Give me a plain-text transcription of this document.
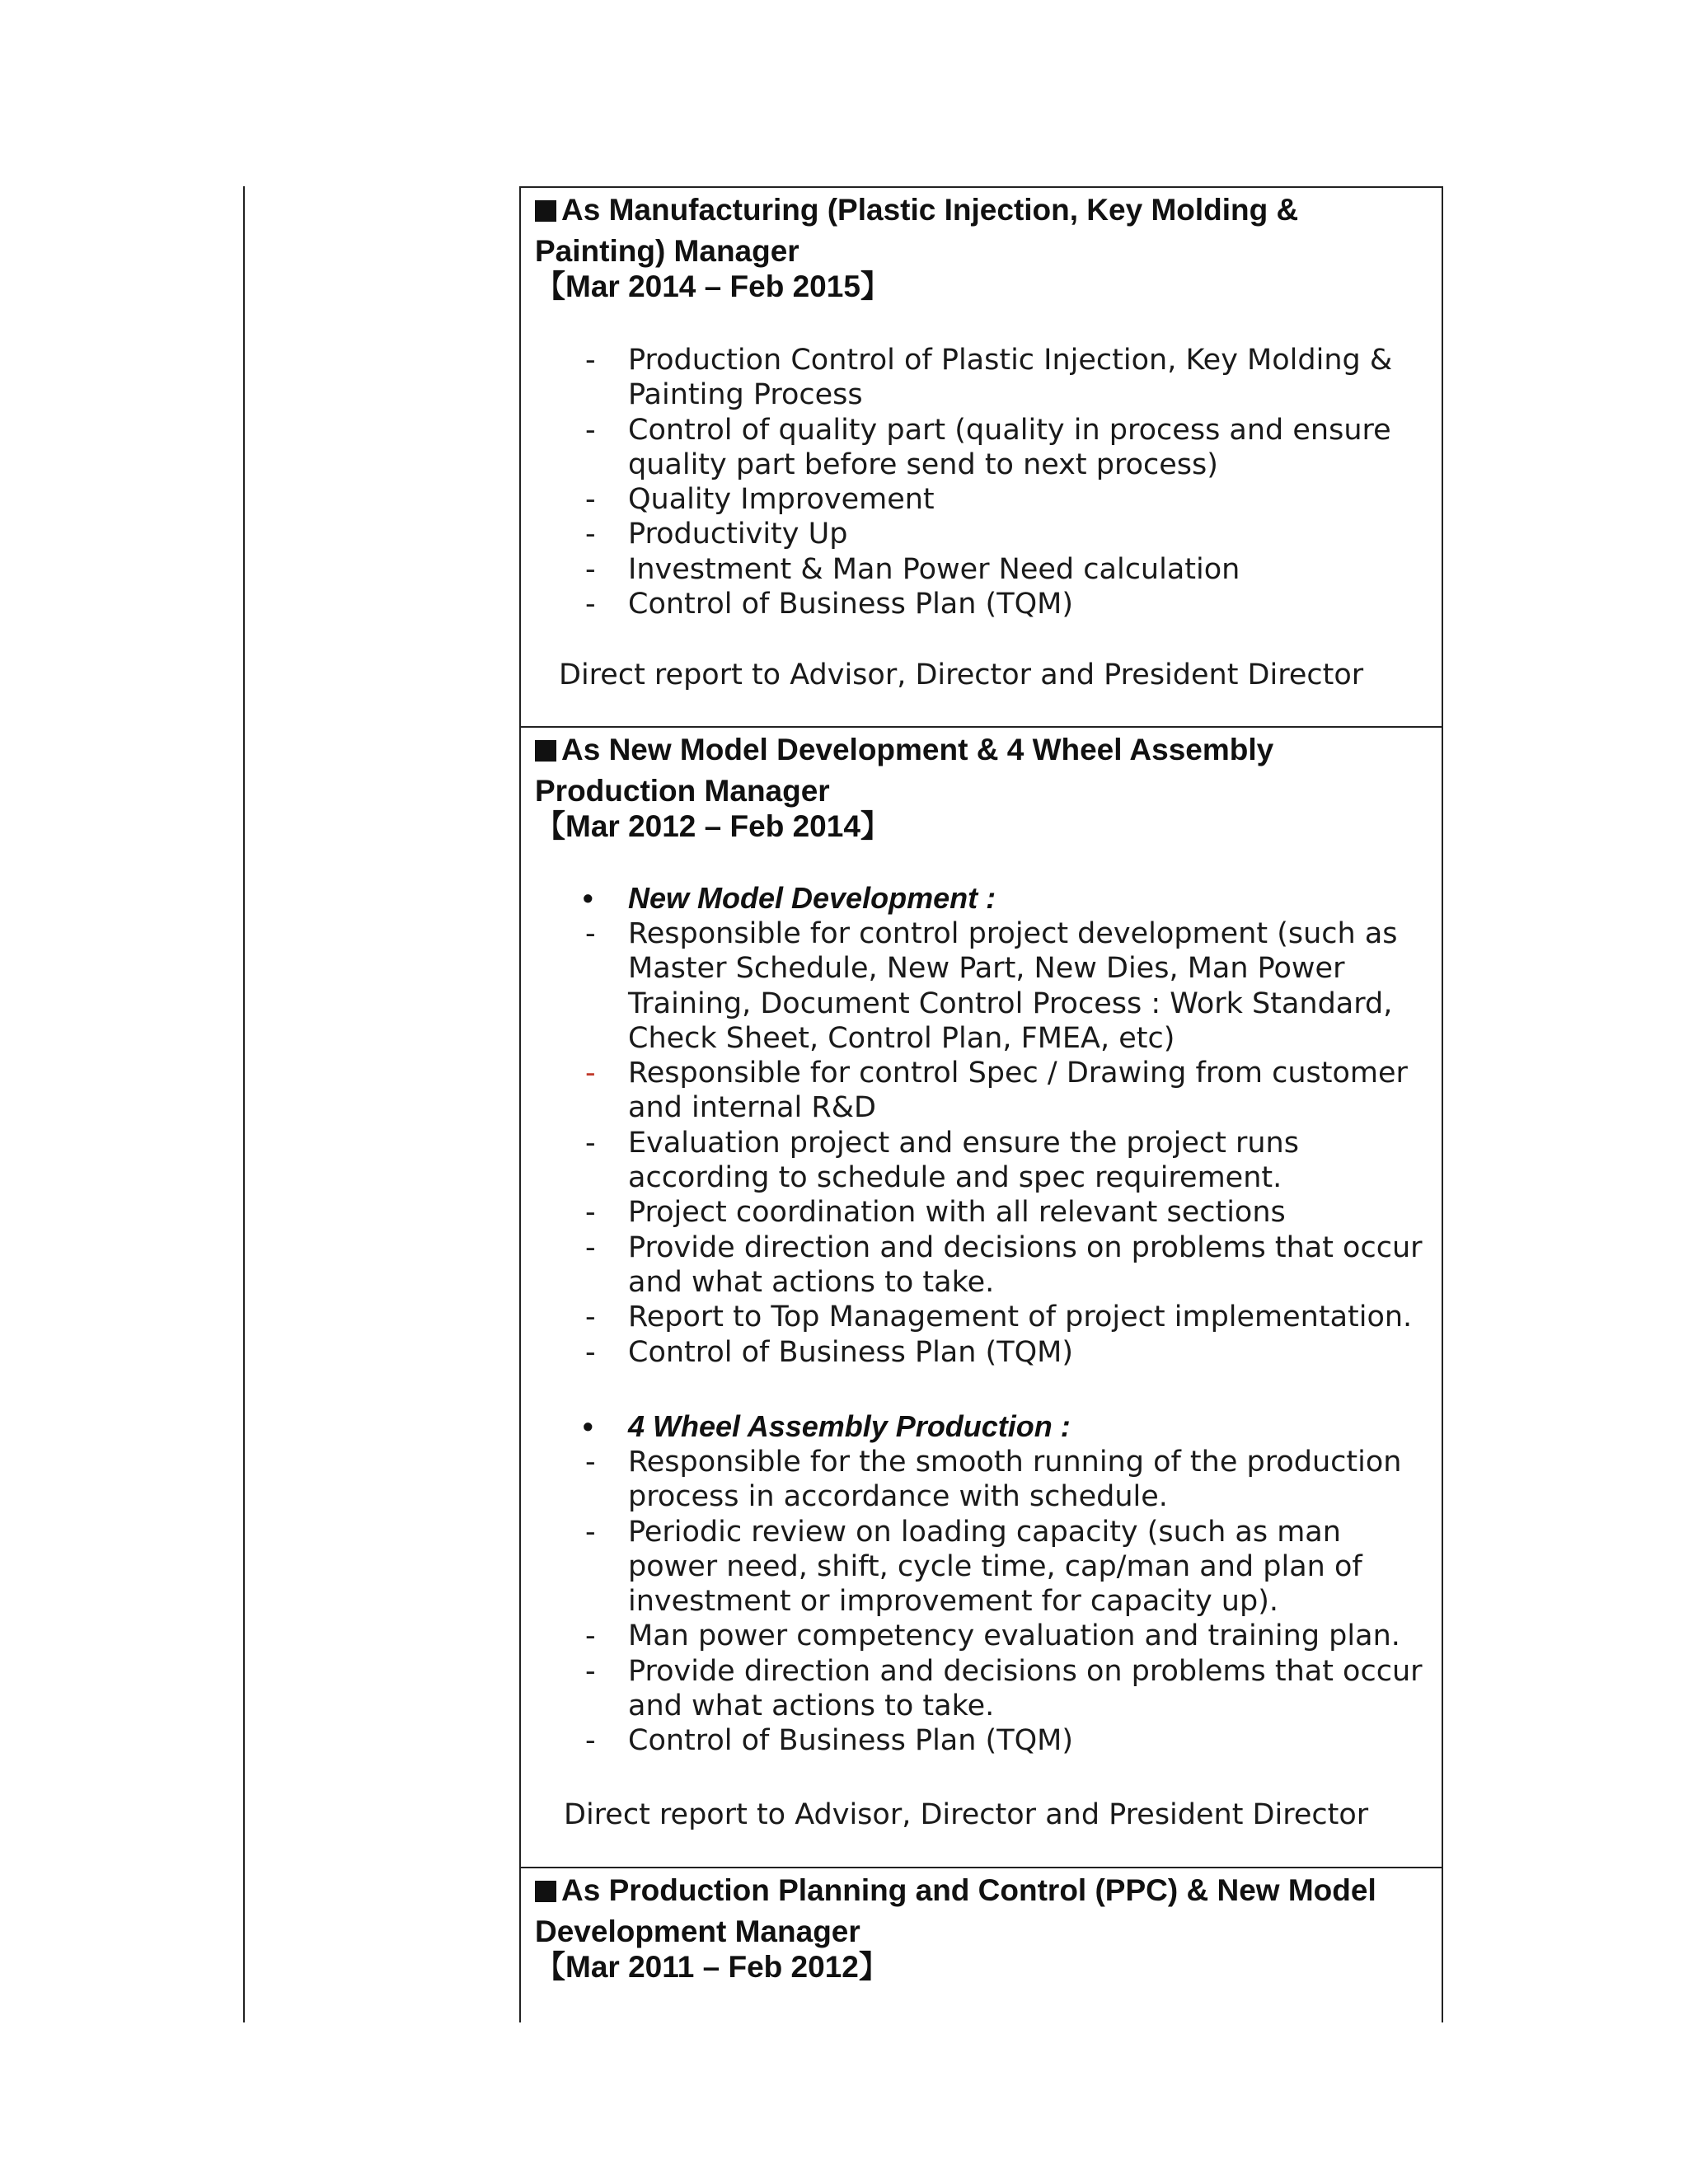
As Manufacturing (Plastic Injection, Key Molding & Painting) Manager
【Mar 2014 – Feb 2015】
- Production Control of Plastic Injection, Key Molding & Painting Process
- Control of quality part (quality in process and ensure quality part before send to next process)
- Quality Improvement
- Productivity Up
- Investment & Man Power Need calculation
- Control of Business Plan (TQM)
Direct report to Advisor, Director and President Director
As New Model Development & 4 Wheel Assembly Production Manager
【Mar 2012 – Feb 2014】
• New Model Development :
- Responsible for control project development (such as Master Schedule, New Part, New Dies, Man Power Training, Document Control Process : Work Standard, Check Sheet, Control Plan, FMEA, etc)
- Responsible for control Spec / Drawing from customer and internal R&D
- Evaluation project and ensure the project runs according to schedule and spec requirement.
- Project coordination with all relevant sections
- Provide direction and decisions on problems that occur and what actions to take.
- Report to Top Management of project implementation.
- Control of Business Plan (TQM)
• 4 Wheel Assembly Production :
- Responsible for the smooth running of the production process in accordance with schedule.
- Periodic review on loading capacity (such as man power need, shift, cycle time, cap/man and plan of investment or improvement for capacity up).
- Man power competency evaluation and training plan.
- Provide direction and decisions on problems that occur and what actions to take.
- Control of Business Plan (TQM)
Direct report to Advisor, Director and President Director
As Production Planning and Control (PPC) & New Model Development Manager
【Mar 2011 – Feb 2012】
